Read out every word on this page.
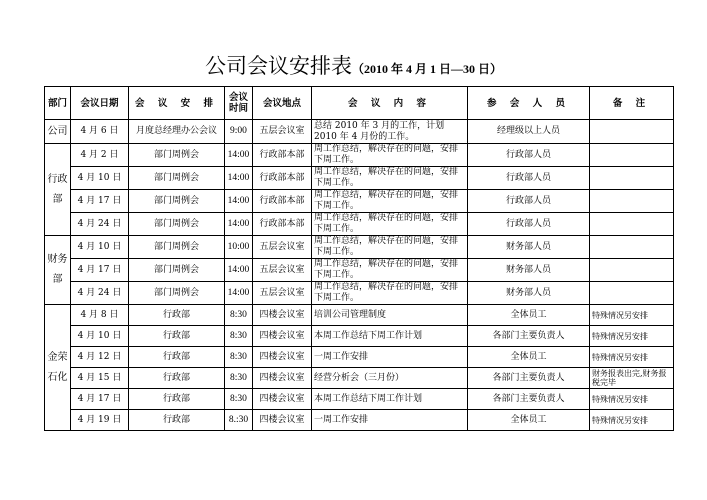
公司会议安排表（2010 年 4 月 1 日—30 日）
部门	会议日期	会 议 安 排	会议时间	会议地点	会 议 内 容	参 会 人 员	备 注
公司	4 月 6 日	月度总经理办公会议	9:00	五层会议室	总结 2010 年 3 月的工作，计划 2010 年 4 月份的工作。	经理级以上人员	
行政部	4 月 2 日	部门周例会	14:00	行政部本部	周工作总结，解决存在的问题，安排下周工作。	行政部人员	
	4 月 10 日	部门周例会	14:00	行政部本部	周工作总结，解决存在的问题，安排下周工作。	行政部人员	
	4 月 17 日	部门周例会	14:00	行政部本部	周工作总结，解决存在的问题，安排下周工作。	行政部人员	
	4 月 24 日	部门周例会	14:00	行政部本部	周工作总结，解决存在的问题，安排下周工作。	行政部人员	
财务部	4 月 10 日	部门周例会	10:00	五层会议室	周工作总结，解决存在的问题，安排下周工作。	财务部人员	
	4 月 17 日	部门周例会	14:00	五层会议室	周工作总结，解决存在的问题，安排下周工作。	财务部人员	
	4 月 24 日	部门周例会	14:00	五层会议室	周工作总结，解决存在的问题，安排下周工作。	财务部人员	
金荣石化	4 月 8 日	行政部	8:30	四楼会议室	培训公司管理制度	全体员工	特殊情况另安排
	4 月 10 日	行政部	8:30	四楼会议室	本周工作总结下周工作计划	各部门主要负责人	特殊情况另安排
	4 月 12 日	行政部	8:30	四楼会议室	一周工作安排	全体员工	特殊情况另安排
	4 月 15 日	行政部	8:30	四楼会议室	经营分析会（三月份）	各部门主要负责人	财务报表出完,财务报税完毕
	4 月 17 日	行政部	8:30	四楼会议室	本周工作总结下周工作计划	各部门主要负责人	特殊情况另安排
	4 月 19 日	行政部	8.:30	四楼会议室	一周工作安排	全体员工	特殊情况另安排
